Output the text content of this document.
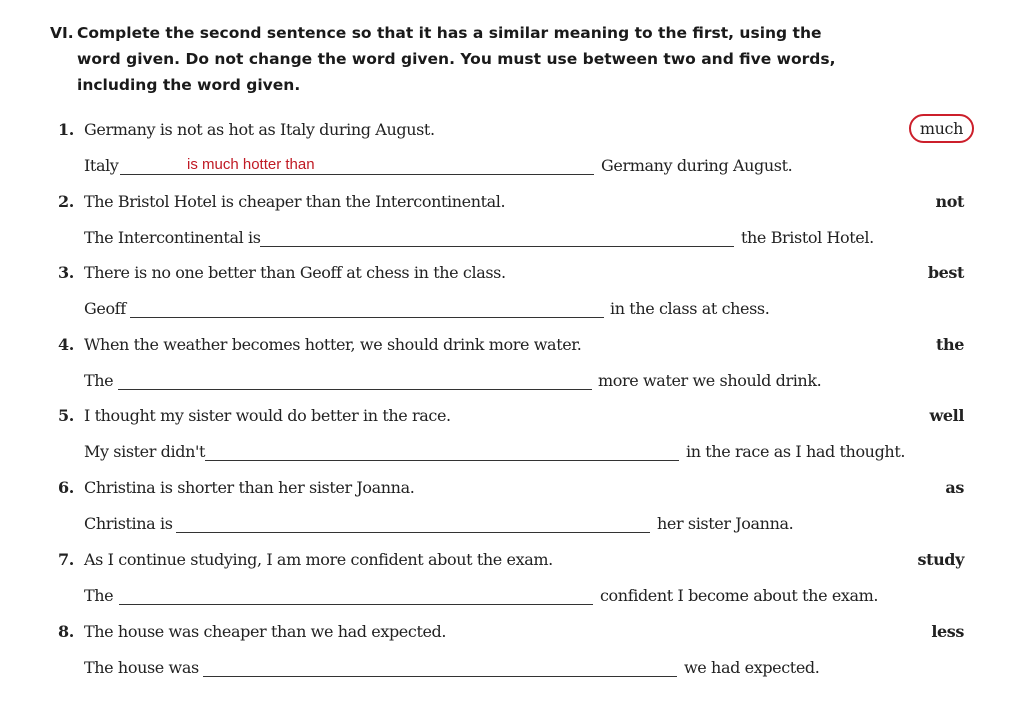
VI. Complete the second sentence so that it has a similar meaning to the first, using the word given. Do not change the word given. You must use between two and five words, including the word given.
1. Germany is not as hot as Italy during August.	much
Italy	is much hotter than	Germany during August.
2. The Bristol Hotel is cheaper than the Intercontinental.	not
The Intercontinental is	the Bristol Hotel.
3. There is no one better than Geoff at chess in the class.	best
Geoff	in the class at chess.
4. When the weather becomes hotter, we should drink more water.	the
The	more water we should drink.
5. I thought my sister would do better in the race.	well
My sister didn't	in the race as I had thought.
6. Christina is shorter than her sister Joanna.	as
Christina is	her sister Joanna.
7. As I continue studying, I am more confident about the exam.	study
The	confident I become about the exam.
8. The house was cheaper than we had expected.	less
The house was	we had expected.
